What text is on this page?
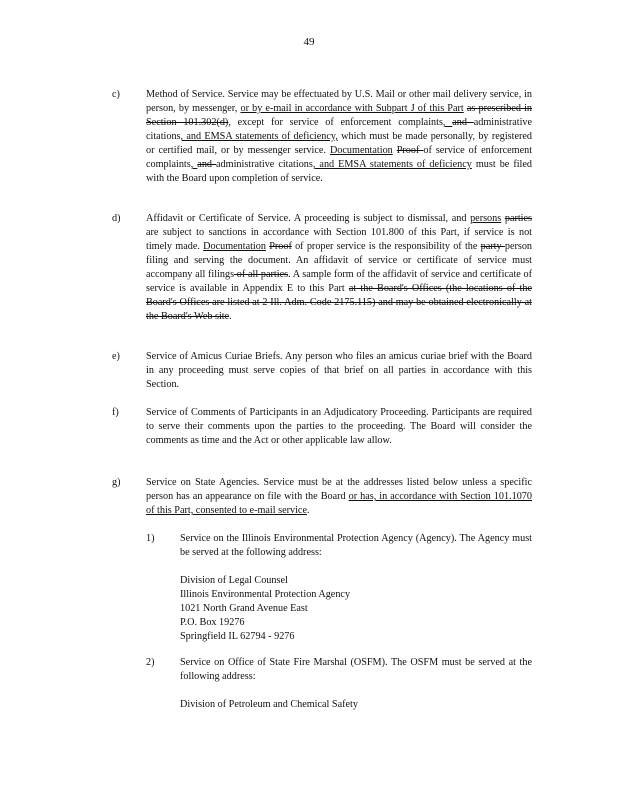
49
c)	Method of Service. Service may be effectuated by U.S. Mail or other mail delivery service, in person, by messenger, or by e-mail in accordance with Subpart J of this Part as prescribed in Section 101.302(d), except for service of enforcement complaints, and administrative citations, and EMSA statements of deficiency, which must be made personally, by registered or certified mail, or by messenger service. Documentation Proof of service of enforcement complaints, and administrative citations, and EMSA statements of deficiency must be filed with the Board upon completion of service.
d)	Affidavit or Certificate of Service. A proceeding is subject to dismissal, and persons parties are subject to sanctions in accordance with Section 101.800 of this Part, if service is not timely made. Documentation Proof of proper service is the responsibility of the party person filing and serving the document. An affidavit of service or certificate of service must accompany all filings of all parties. A sample form of the affidavit of service and certificate of service is available in Appendix E to this Part at the Board's Offices (the locations of the Board's Offices are listed at 2 Ill. Adm. Code 2175.115) and may be obtained electronically at the Board's Web site.
e)	Service of Amicus Curiae Briefs. Any person who files an amicus curiae brief with the Board in any proceeding must serve copies of that brief on all parties in accordance with this Section.
f)	Service of Comments of Participants in an Adjudicatory Proceeding. Participants are required to serve their comments upon the parties to the proceeding. The Board will consider the comments as time and the Act or other applicable law allow.
g)	Service on State Agencies. Service must be at the addresses listed below unless a specific person has an appearance on file with the Board or has, in accordance with Section 101.1070 of this Part, consented to e-mail service.
1)	Service on the Illinois Environmental Protection Agency (Agency). The Agency must be served at the following address:
Division of Legal Counsel
Illinois Environmental Protection Agency
1021 North Grand Avenue East
P.O. Box 19276
Springfield IL 62794 - 9276
2)	Service on Office of State Fire Marshal (OSFM). The OSFM must be served at the following address:
Division of Petroleum and Chemical Safety
